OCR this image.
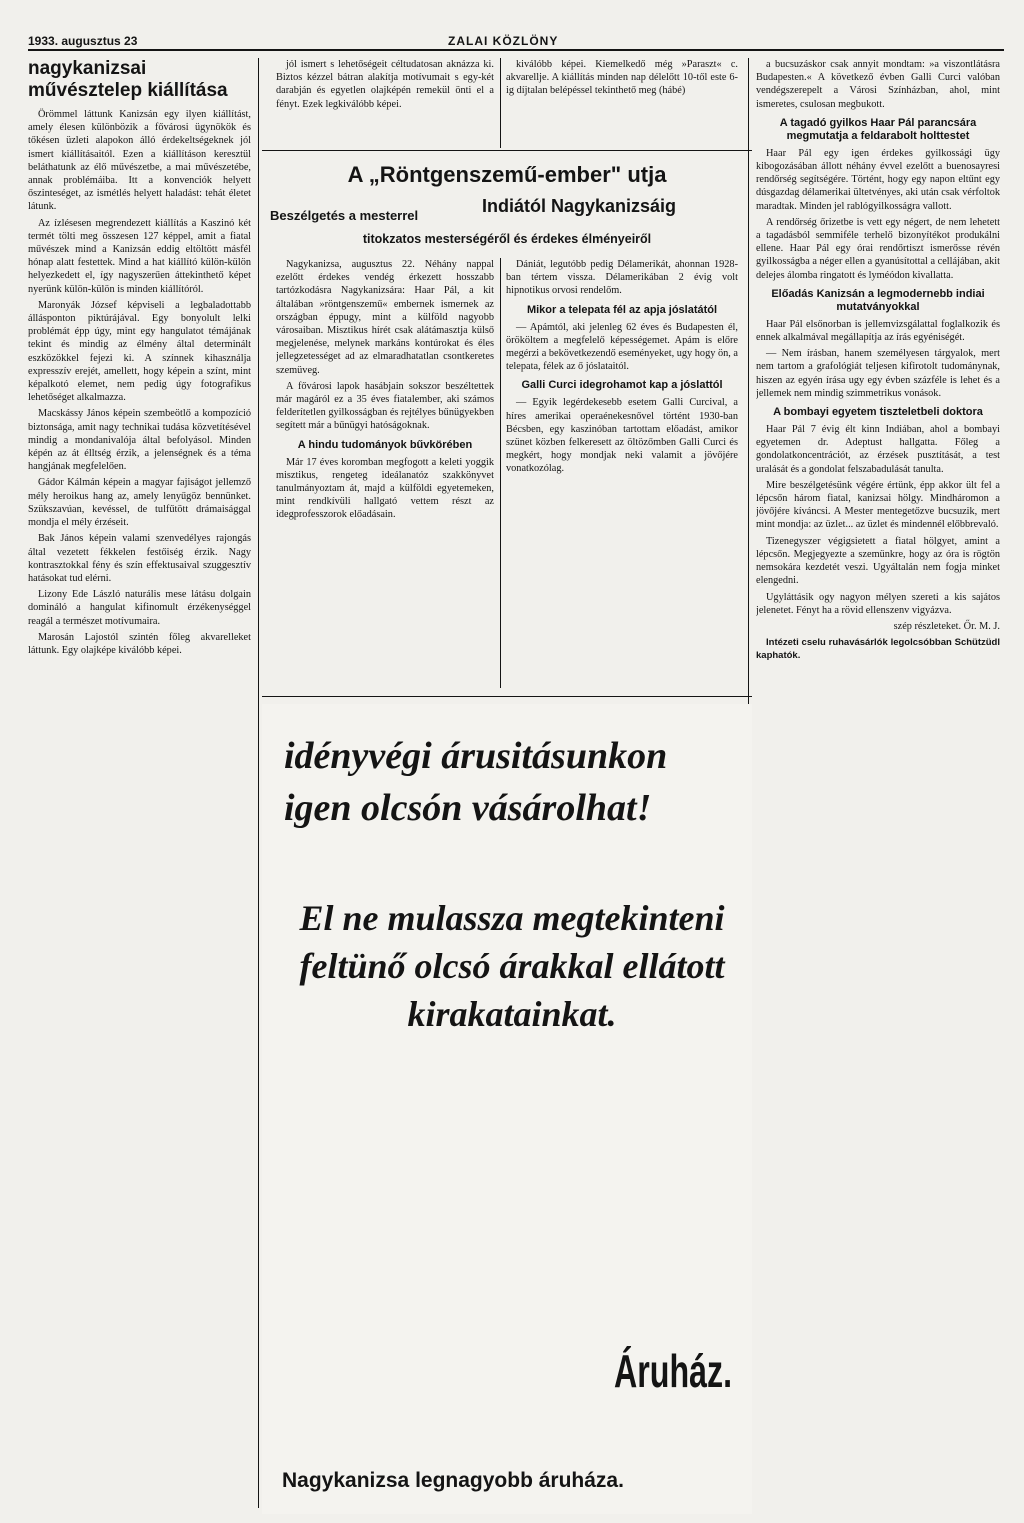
1933. augusztus 23	ZALAI KÖZLÖNY
nagykanizsai művésztelep kiállítása

Örömmel láttunk Kanizsán egy ilyen kiállítást, amely élesen különbözik a fővárosi ügynökök és tőkésen üzleti alapokon álló érdekeltségeknek jól ismert kiállításaitól. Ezen a kiállításon keresztül beláthatunk az élő művészetbe, a mai művészetébe, annak problémáiba. Itt a konvenciók helyett őszinteséget, az ismétlés helyett haladást: tehát életet látunk.

Az ízlésesen megrendezett kiállítás a Kaszinó két termét tölti meg összesen 127 képpel, amit a fiatal művészek mind a Kanizsán eddig eltöltött másfél hónap alatt festettek. Mind a hat kiállító külön-külön helyezkedett el, így nagyszerűen áttekinthető képet nyerünk külön-külön is minden kiállítóról.

Maronyák József képviseli a legbaladottabb állásponton piktúrájával. Egy bonyolult lelki problémát épp úgy, mint egy hangulatot témájának tekint és mindig az élmény által determinált eszközökkel fejezi ki. A színnek kihasználja expresszív erejét, amellett, hogy képein a színt, mint képalkotó elemet, nem pedig úgy fotografikus lehetőséget alkalmazza.

Macskássy János képein szembeötlő a kompozíció biztonsága, amit nagy technikai tudása közvetítésével mindig a mondanivalója által befolyásol. Minden képén az át élltség érzik, a jelenségnek és a téma hangjának megfelelően.

Gádor Kálmán képein a magyar fajiságot jellemző mély heroikus hang az, amely lenyűgöz bennünket. Szükszavúan, kevéssel, de tulfűtött drámaisággal mondja el mély érzéseit.

Bak János képein valami szenvedélyes rajongás által vezetett fékkelen festőiség érzik. Nagy kontrasztokkal fény és szín effektusaival szuggesztív hatásokat tud elérni.

Lizony Ede László naturális mese látásu dolgain domináló a hangulat kifinomult érzékenységgel reagál a természet motívumaira.

Marosán Lajostól szintén főleg akvarelleket láttunk. Egy olajképe kiválóbb képei.

jól ismert s lehetőségeit céltudatosan aknázza ki. Biztos kézzel bátran alakítja motívumait s egy-két darabján és egyetlen olajképén remekül önti el a fényt. Ezek legkiválóbb képei.

kiválóbb képei. Kiemelkedő még »Paraszt« c. akvarellje. A kiállítás minden nap délelőtt 10-től este 6-ig díjtalan belépéssel tekinthető meg (hábé)

A „Röntgenszemű-ember" utja
Beszélgetés a mesterrel	Indiától Nagykanizsáig
titokzatos mesterségéről és érdekes élményeiről

Nagykanizsa, augusztus 22. Néhány nappal ezelőtt érdekes vendég érkezett hosszabb tartózkodásra Nagykanizsára: Haar Pál, a kit általában »röntgenszemű« embernek ismernek az országban éppugy, mint a külföld nagyobb városaiban. Misztikus hírét csak alátámasztja külső megjelenése, melynek markáns kontúrokat és éles jellegzetességet ad az elmaradhatatlan csontkeretes szemüveg.

A fővárosi lapok hasábjain sokszor beszéltettek már magáról ez a 35 éves fiatalember, aki számos felderítetlen gyilkosságban és rejtélyes bűnügyekben segített már a bűnügyi hatóságoknak.

A hindu tudományok bűvkörében

Már 17 éves koromban megfogott a keleti yoggik misztikus, rengeteg ideálanatóz szakkönyvet tanulmányoztam át, majd a külföldi egyetemeken, mint rendkívüli hallgató vettem részt az idegprofesszorok előadásain.

Dániát, legutóbb pedig Délamerikát, ahonnan 1928-ban tértem vissza. Délamerikában 2 évig volt hipnotikus orvosi rendelőm.

Mikor a telepata fél az apja jóslatától

— Apámtól, aki jelenleg 62 éves és Budapesten él, örököltem a megfelelő képességemet. Apám is előre megérzi a bekövetkezendő eseményeket, ugy hogy ön, a telepata, félek az ő jóslataitól.

Galli Curci idegrohamot kap a jóslattól

— Egyik legérdekesebb esetem Galli Curcival, a híres amerikai operaénekesnővel történt 1930-ban Bécsben, egy kaszinóban tartottam előadást, amikor szünet közben felkeresett az öltözőmben Galli Curci és megkért, hogy mondjak neki valamit a jövőjére vonatkozólag.

idényvégi árusitásunkon
igen olcsón vásárolhat!
El ne mulassza megtekinteni feltünő olcsó árakkal ellátott kirakatainkat.
Áruház.
Nagykanizsa legnagyobb áruháza.

a bucsuzáskor csak annyit mondtam: »a viszontlátásra Budapesten.« A következő évben Galli Curci valóban vendégszerepelt a Városi Színházban, ahol, mint ismeretes, csulosan megbukott.

A tagadó gyilkos Haar Pál parancsára megmutatja a feldarabolt holttestet

Haar Pál egy igen érdekes gyilkossági ügy kibogozásában állott néhány évvel ezelőtt a buenosayresi rendőrség segítségére. Történt, hogy egy napon eltűnt egy dúsgazdag délamerikai ültetvényes, aki után csak vérfoltok maradtak. Minden jel rablógyilkosságra vallott.

A rendőrség őrizetbe is vett egy négert, de nem lehetett a tagadásból semmiféle terhelő bizonyítékot produkálni ellene. Haar Pál egy órai rendőrtiszt ismerősse révén gyilkosságba a néger ellen a gyanúsítottal a cellájában, akit delejes álomba ringatott és lyméódon kivallatta.

Előadás Kanizsán a legmodernebb indiai mutatványokkal

Haar Pál elsőnorban is jellemvizsgálattal foglalkozik és ennek alkalmával megállapítja az írás egyéniségét.

— Nem írásban, hanem személyesen tárgyalok, mert nem tartom a grafológiát teljesen kifirotolt tudománynak, hiszen az egyén írása ugy egy évben százféle is lehet és a jellemek nem mindig szimmetrikus vonások.

A bombayi egyetem tiszteletbeli doktora

Haar Pál 7 évig élt kinn Indiában, ahol a bombayi egyetemen dr. Adeptust hallgatta. Főleg a gondolatkoncentrációt, az érzések pusztítását, a test uralását és a gondolat felszabadulását tanulta.

Mire beszélgetésünk végére értünk, épp akkor ült fel a lépcsőn három fiatal, kanizsai hölgy. Mindháromon a jövőjére kíváncsi. A Mester mentegetőzve bucsuzik, mert mint mondja: az üzlet... az üzlet és mindennél előbbrevaló.

Tizenegyszer végigsietett a fiatal hölgyet, amint a lépcsőn. Megjegyezte a szemünkre, hogy az óra is rögtön nemsokára kezdetét veszi. Ugyáltalán nem fogja minket elengedni.

Ugyláttásik ogy nagyon mélyen szereti a kis sajátos jelenetet. Fényt ha a rövid ellenszenv vigyázva.

szép részleteket. Őr. M. J.

Intézeti cselu ruhavásárlók legolcsóbban Schützüdl kaphatók.
